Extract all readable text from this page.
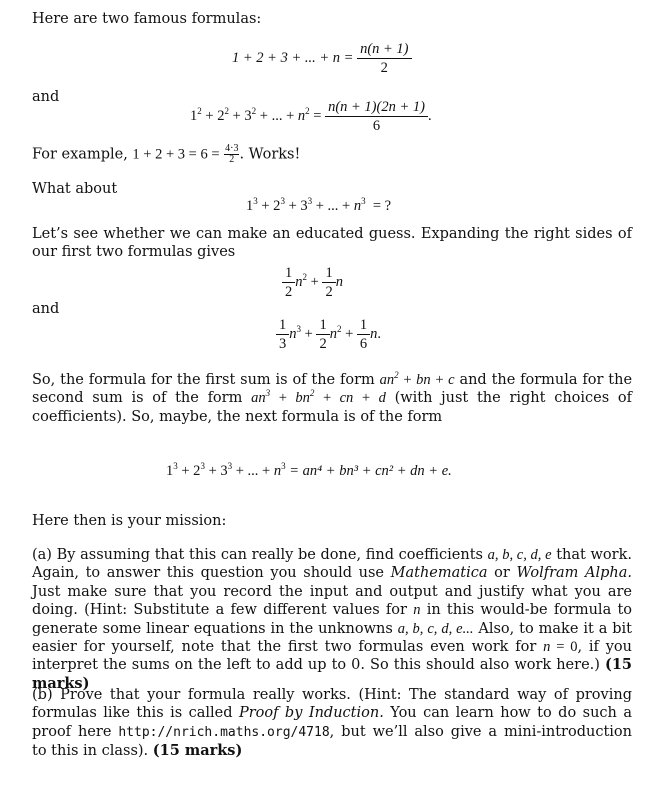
Here are two famous formulas:
1 + 2 + 3 + ... + $n = \frac{n(n + 1)}{2}$
and
$1^2 + 2^2 + 3^2$ + ... + $n^2 = \frac{n(n + 1)(2n + 1)}{6}$ .
For example, $1 + 2 + 3 = 6 = \frac{4\cdot 3}{2}$ . Works!
What about
$1^3 + 2^3 + 3^3$ + ... + $n^3$ = ?

Let’s see whether we can make an educated guess. Expanding the right sides of our first two formulas gives

$\frac{1}{2} n^2 + \frac{1}{2}$ n
and
$\frac{1}{3} n^3 + \frac{1}{2} n^2 + \frac{1}{6} n$.

So, the formula for the first sum is of the form $an^2$ + bn + c and the formula for the second sum is of the form $an^3 + bn^2$ + cn + d (with just the right choices of coefficients). So, maybe, the next formula is of the form

$1^3 + 2^3 + 3^3$ + ... + $n^3 = an^4 + bn^3 + cn^2$ + dn + e.
Here then is your mission:

(a) By assuming that this can really be done, find coefficients a, b, c, d, e that work. Again, to answer this question you should use Mathematica or Wolfram Alpha. Just make sure that you record the input and output and justify what you are doing. (Hint: Substitute a few different values for n in this would-be formula to generate some linear equations in the unknowns a, b, c, d, e... Also, to make it a bit easier for yourself, note that the first two formulas even work for n = 0, if you interpret the sums on the left to add up to 0. So this should also work here.) (15 marks)

(b) Prove that your formula really works. (Hint: The standard way of proving formulas like this is called Proof by Induction. You can learn how to do such a proof here http://nrich.maths.org/4718, but we’ll also give a mini-introduction to this in class). (15 marks)
